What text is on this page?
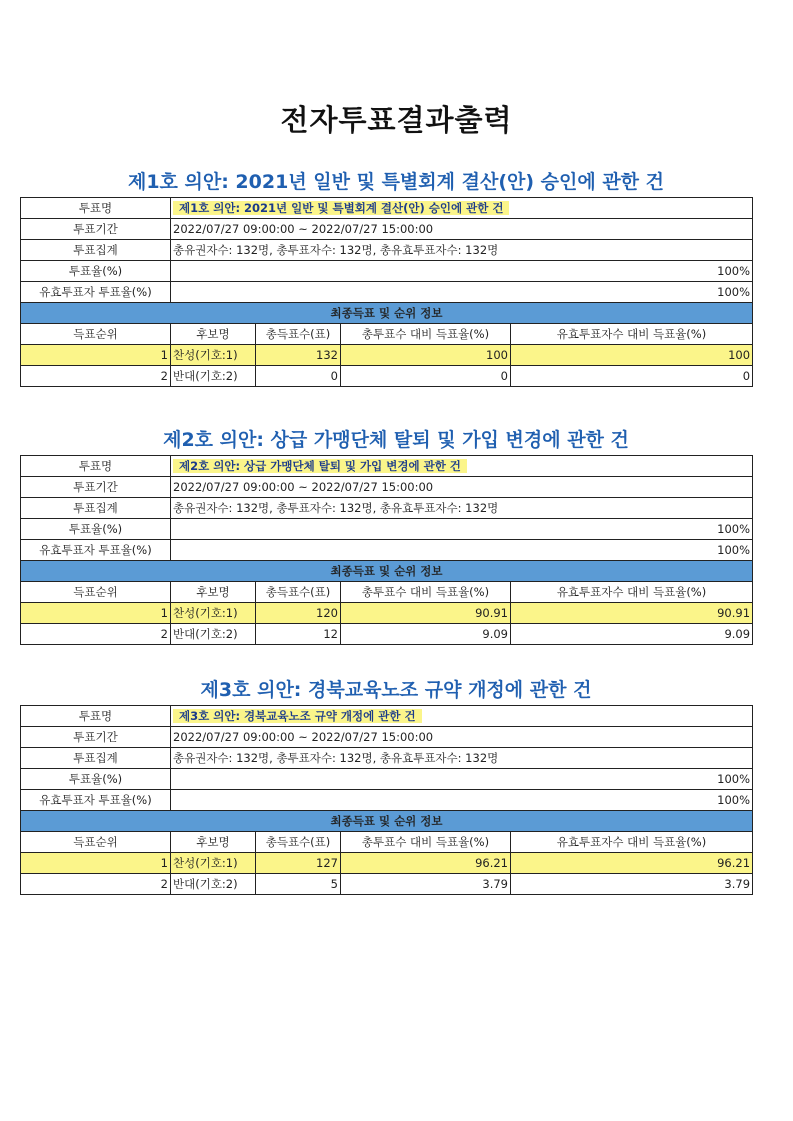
전자투표결과출력
제1호 의안: 2021년 일반 및 특별회계 결산(안) 승인에 관한 건
투표명	제1호 의안: 2021년 일반 및 특별회계 결산(안) 승인에 관한 건			
투표기간	2022/07/27 09:00:00 ~ 2022/07/27 15:00:00			
투표집계	총유권자수: 132명, 총투표자수: 132명, 총유효투표자수: 132명			
투표율(%)	100%			
유효투표자 투표율(%)	100%			
최종득표 및 순위 정보				
득표순위	후보명	총득표수(표)	총투표수 대비 득표율(%)	유효투표자수 대비 득표율(%)
1	찬성(기호:1)	132	100	100
2	반대(기호:2)	0	0	0
제2호 의안: 상급 가맹단체 탈퇴 및 가입 변경에 관한 건
투표명	제2호 의안: 상급 가맹단체 탈퇴 및 가입 변경에 관한 건			
투표기간	2022/07/27 09:00:00 ~ 2022/07/27 15:00:00			
투표집계	총유권자수: 132명, 총투표자수: 132명, 총유효투표자수: 132명			
투표율(%)	100%			
유효투표자 투표율(%)	100%			
최종득표 및 순위 정보				
득표순위	후보명	총득표수(표)	총투표수 대비 득표율(%)	유효투표자수 대비 득표율(%)
1	찬성(기호:1)	120	90.91	90.91
2	반대(기호:2)	12	9.09	9.09
제3호 의안: 경북교육노조 규약 개정에 관한 건
투표명	제3호 의안: 경북교육노조 규약 개정에 관한 건			
투표기간	2022/07/27 09:00:00 ~ 2022/07/27 15:00:00			
투표집계	총유권자수: 132명, 총투표자수: 132명, 총유효투표자수: 132명			
투표율(%)	100%			
유효투표자 투표율(%)	100%			
최종득표 및 순위 정보				
득표순위	후보명	총득표수(표)	총투표수 대비 득표율(%)	유효투표자수 대비 득표율(%)
1	찬성(기호:1)	127	96.21	96.21
2	반대(기호:2)	5	3.79	3.79
